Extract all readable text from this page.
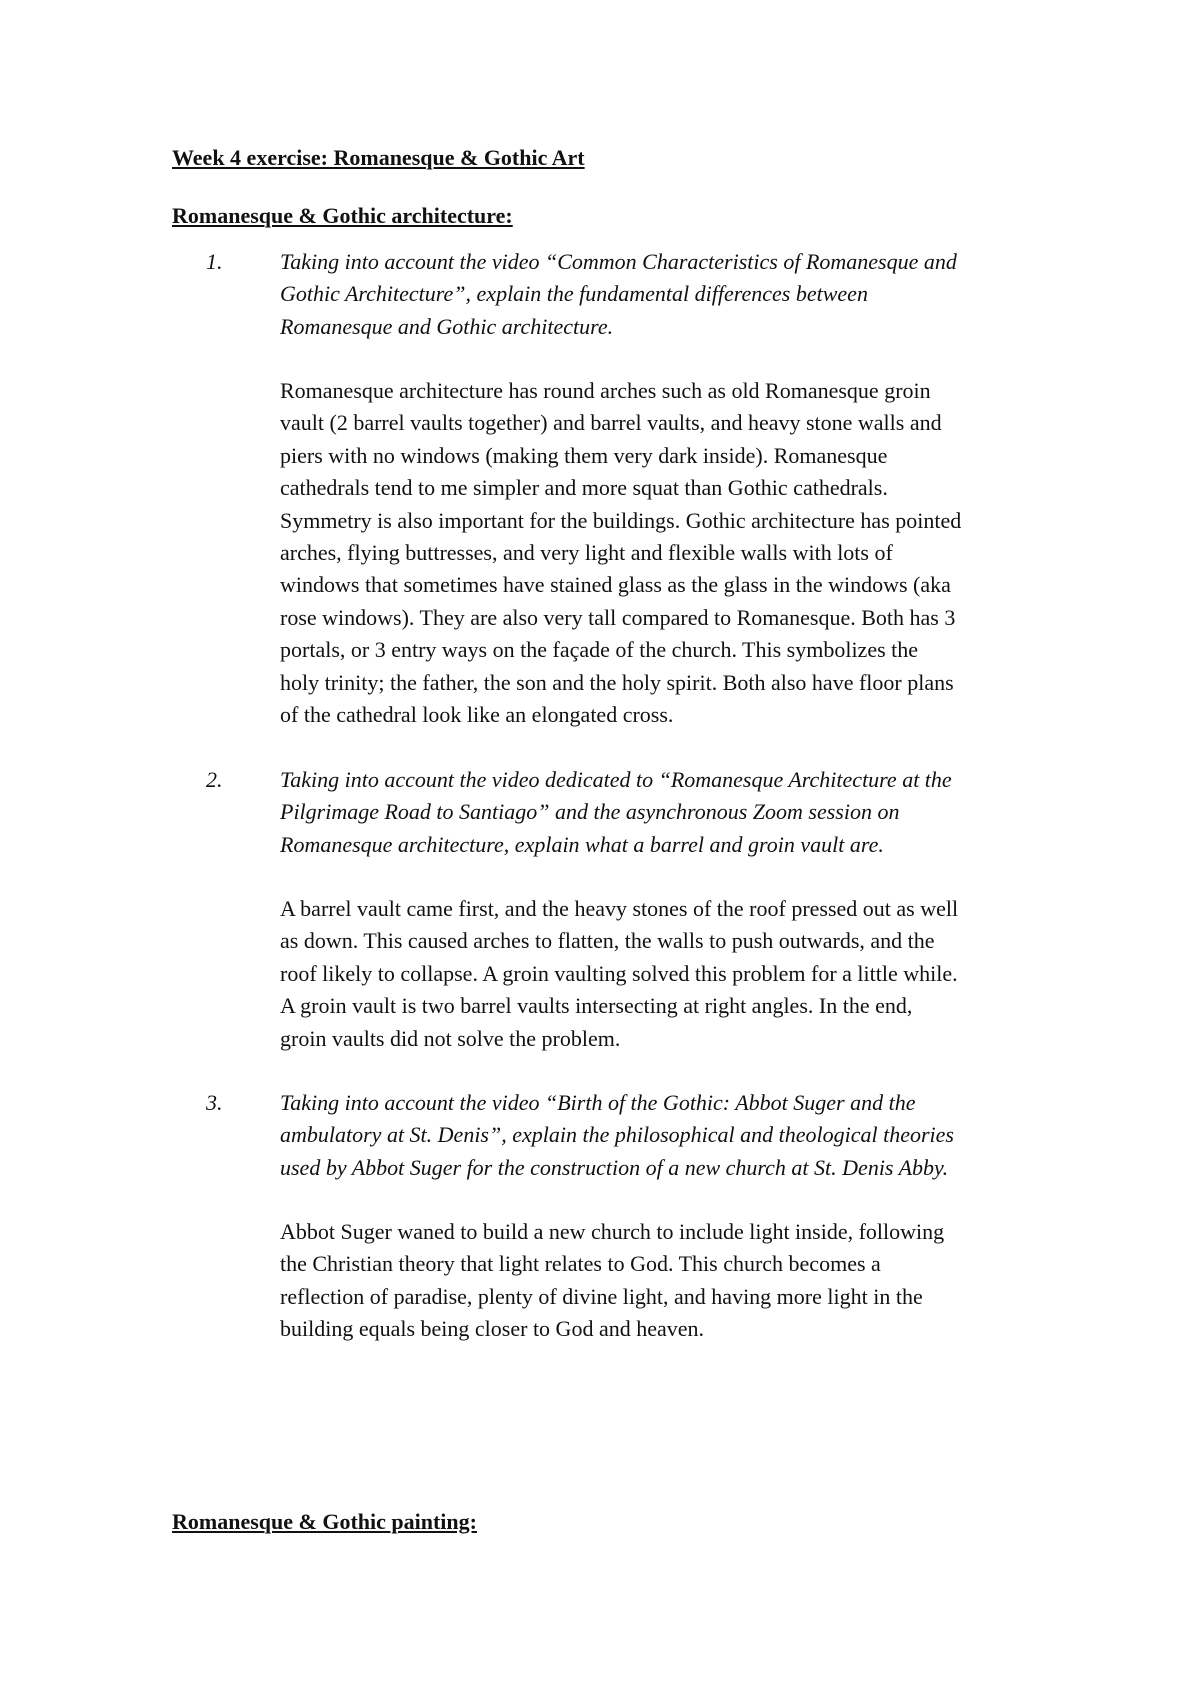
Week 4 exercise: Romanesque & Gothic Art
Romanesque & Gothic architecture:
1.	Taking into account the video “Common Characteristics of Romanesque and
Gothic Architecture”, explain the fundamental differences between
Romanesque and Gothic architecture.
Romanesque architecture has round arches such as old Romanesque groin
vault (2 barrel vaults together) and barrel vaults, and heavy stone walls and
piers with no windows (making them very dark inside). Romanesque
cathedrals tend to me simpler and more squat than Gothic cathedrals.
Symmetry is also important for the buildings. Gothic architecture has pointed
arches, flying buttresses, and very light and flexible walls with lots of
windows that sometimes have stained glass as the glass in the windows (aka
rose windows). They are also very tall compared to Romanesque. Both has 3
portals, or 3 entry ways on the façade of the church. This symbolizes the
holy trinity; the father, the son and the holy spirit. Both also have floor plans
of the cathedral look like an elongated cross.
2.	Taking into account the video dedicated to “Romanesque Architecture at the
Pilgrimage Road to Santiago” and the asynchronous Zoom session on
Romanesque architecture, explain what a barrel and groin vault are.
A barrel vault came first, and the heavy stones of the roof pressed out as well
as down. This caused arches to flatten, the walls to push outwards, and the
roof likely to collapse. A groin vaulting solved this problem for a little while.
A groin vault is two barrel vaults intersecting at right angles. In the end,
groin vaults did not solve the problem.
3.	Taking into account the video “Birth of the Gothic: Abbot Suger and the
ambulatory at St. Denis”, explain the philosophical and theological theories
used by Abbot Suger for the construction of a new church at St. Denis Abby.
Abbot Suger waned to build a new church to include light inside, following
the Christian theory that light relates to God. This church becomes a
reflection of paradise, plenty of divine light, and having more light in the
building equals being closer to God and heaven.
Romanesque & Gothic painting:
